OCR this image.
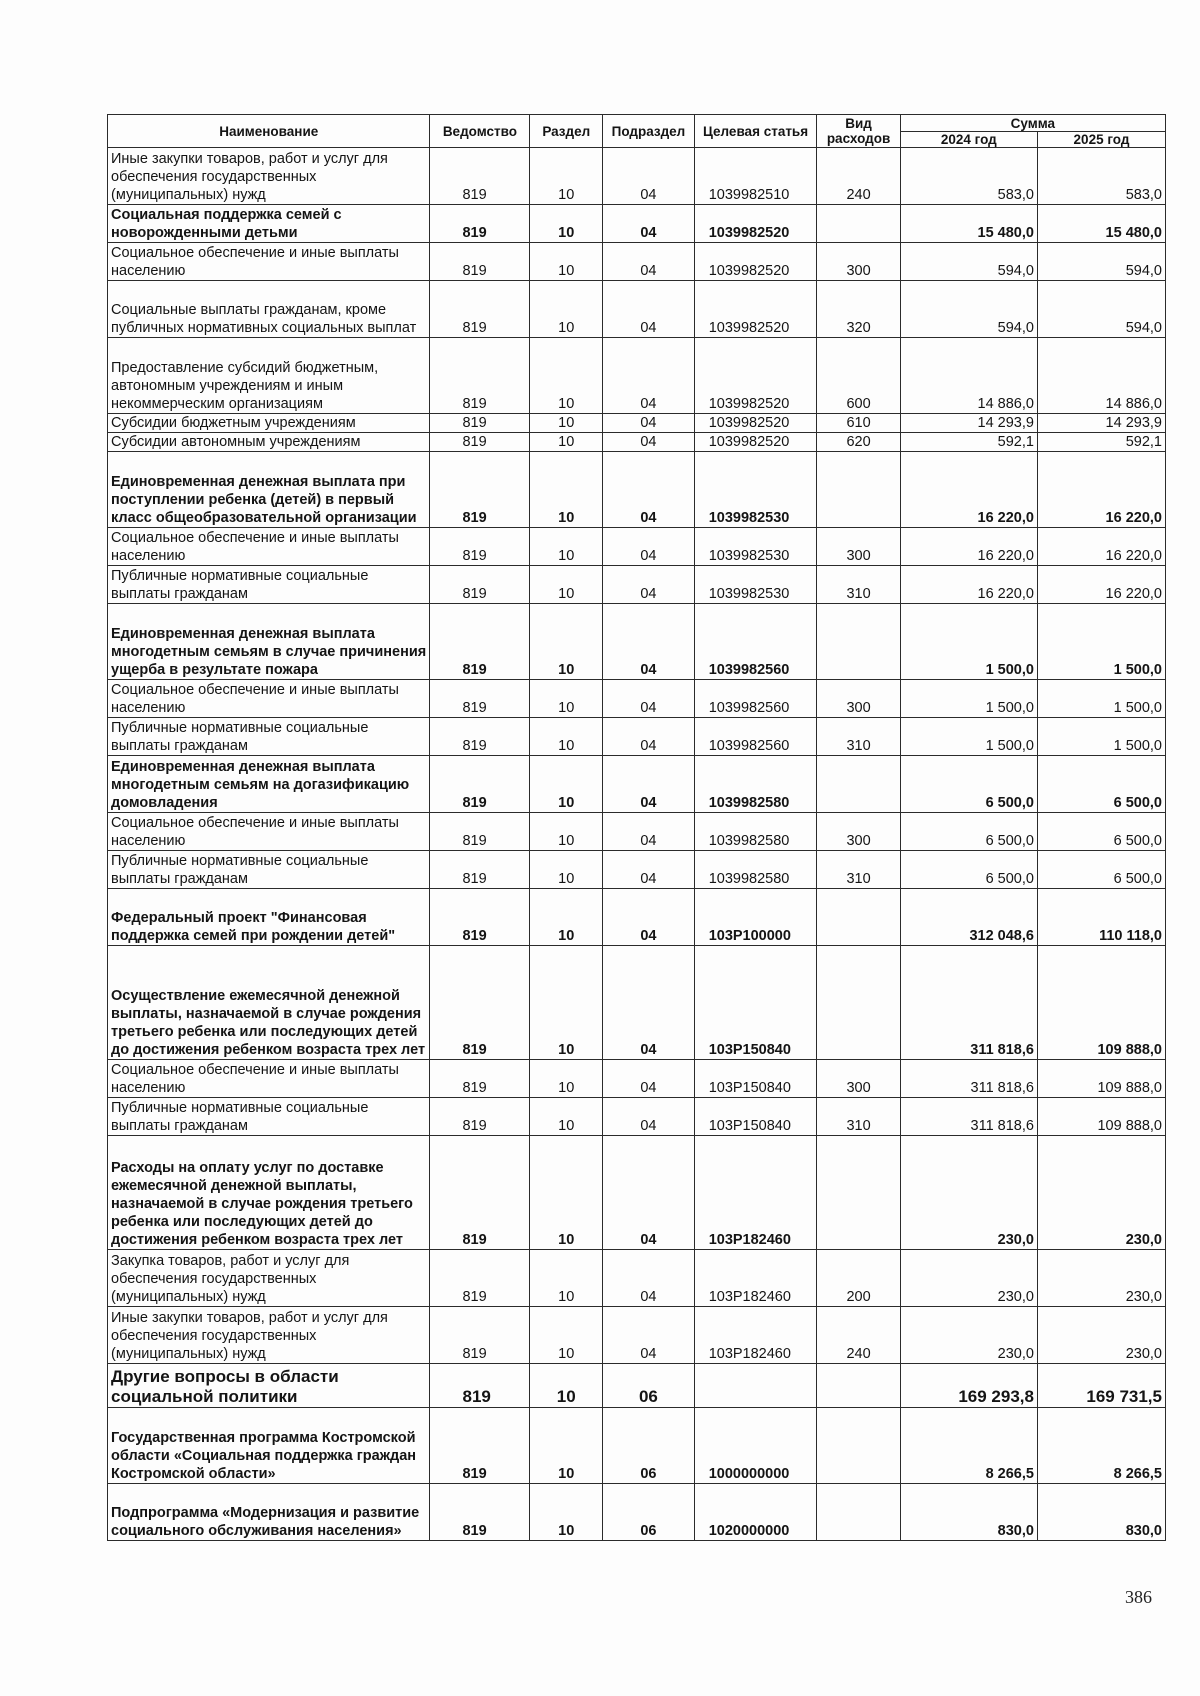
Наименование	Ведомство	Раздел	Подраздел	Целевая статья	Вид расходов	Сумма	
						2024 год	2025 год
Иные закупки товаров, работ и услуг для обеспечения государственных (муниципальных) нужд	819	10	04	1039982510	240	583,0	583,0
Социальная поддержка семей с новорожденными детьми	819	10	04	1039982520		15 480,0	15 480,0
Социальное обеспечение и иные выплаты населению	819	10	04	1039982520	300	594,0	594,0
Социальные выплаты гражданам, кроме публичных нормативных социальных выплат	819	10	04	1039982520	320	594,0	594,0
Предоставление субсидий бюджетным, автономным учреждениям и иным некоммерческим организациям	819	10	04	1039982520	600	14 886,0	14 886,0
Субсидии бюджетным учреждениям	819	10	04	1039982520	610	14 293,9	14 293,9
Субсидии автономным учреждениям	819	10	04	1039982520	620	592,1	592,1
Единовременная денежная выплата при поступлении ребенка (детей) в первый класс общеобразовательной организации	819	10	04	1039982530		16 220,0	16 220,0
Социальное обеспечение и иные выплаты населению	819	10	04	1039982530	300	16 220,0	16 220,0
Публичные нормативные социальные выплаты гражданам	819	10	04	1039982530	310	16 220,0	16 220,0
Единовременная денежная выплата многодетным семьям в случае причинения ущерба в результате пожара	819	10	04	1039982560		1 500,0	1 500,0
Социальное обеспечение и иные выплаты населению	819	10	04	1039982560	300	1 500,0	1 500,0
Публичные нормативные социальные выплаты гражданам	819	10	04	1039982560	310	1 500,0	1 500,0
Единовременная денежная выплата многодетным семьям на догазификацию домовладения	819	10	04	1039982580		6 500,0	6 500,0
Социальное обеспечение и иные выплаты населению	819	10	04	1039982580	300	6 500,0	6 500,0
Публичные нормативные социальные выплаты гражданам	819	10	04	1039982580	310	6 500,0	6 500,0
Федеральный проект "Финансовая поддержка семей при рождении детей"	819	10	04	103P100000		312 048,6	110 118,0
Осуществление ежемесячной денежной выплаты, назначаемой в случае рождения третьего ребенка или последующих детей до достижения ребенком возраста трех лет	819	10	04	103P150840		311 818,6	109 888,0
Социальное обеспечение и иные выплаты населению	819	10	04	103P150840	300	311 818,6	109 888,0
Публичные нормативные социальные выплаты гражданам	819	10	04	103P150840	310	311 818,6	109 888,0
Расходы на оплату услуг по доставке ежемесячной денежной выплаты, назначаемой в случае рождения третьего ребенка или последующих детей до достижения ребенком возраста трех лет	819	10	04	103P182460		230,0	230,0
Закупка товаров, работ и услуг для обеспечения государственных (муниципальных) нужд	819	10	04	103P182460	200	230,0	230,0
Иные закупки товаров, работ и услуг для обеспечения государственных (муниципальных) нужд	819	10	04	103P182460	240	230,0	230,0
Другие вопросы в области социальной политики	819	10	06			169 293,8	169 731,5
Государственная программа Костромской области «Социальная поддержка граждан Костромской области»	819	10	06	1000000000		8 266,5	8 266,5
Подпрограмма «Модернизация и развитие социального обслуживания населения»	819	10	06	1020000000		830,0	830,0
386
